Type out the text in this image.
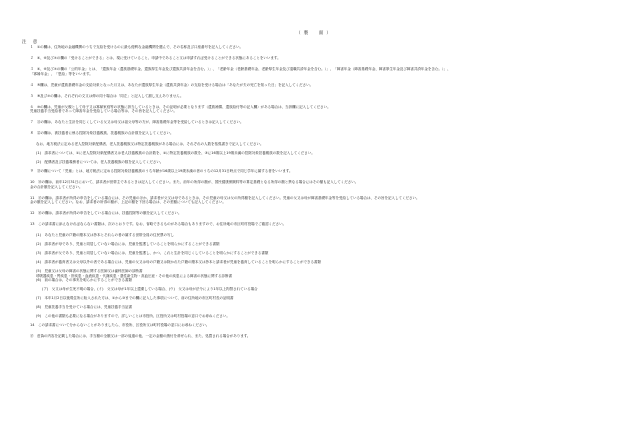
（裏　面）
注　意
１　①の欄は、住所地の金融機関のうちで支給を受けるのに最も便利な金融機関を選んで、その名称及び口座番号を記入してください。
２　④、⑥及び⑦の欄の「受けることができる」とは、現に受けていること、申請中であること又は申請すれば受けることができる状態にあることをいいます。
３　④、⑥及び⑦の欄の「公的年金」とは、「遺族年金（遺族基礎年金、遺族厚生年金及び遺族共済年金を含む。）」、「老齢年金（老齢基礎年金、老齢厚生年金及び退職共済年金を含む。）」、「障害年金（障害基礎年金、障害厚生年金及び障害共済年金を含む。）」、
「寡婦年金」、「恩給」等をいいます。
４　⑤欄は、児童が遺族基礎年金の支給対象となった月又は、あなたが遺族厚生年金（遺族共済年金）の支給を受ける場合は「あなたが夫の死亡を知った日」を記入してください。
５　⑧及び⑦の欄は、それぞれの文又は伸の同十場合は「同左」と記入して割し支えありません。
６　⑩の欄は、児童が父親として母子又は寡婦家庭等の状態に該当しているときは、その証明が必要となります（遺族補償、遺族給付等の記入欄）がある場合は、当該欄に記入してください。
児童扶養手当受給者であって障害年金を受給している場合等は、その旨を記入してください。
７　⑪の欄は、あなたと生計を同じくしている父又は母又は祖父母等の方が、障害基礎年金等を受給しているときは記入してください。
８　⑫の欄は、被扶養者に係る控除対象扶養親族、扶養親族の合計数を記入してください。
なお、地方税法に定める老人控除対象配偶者、老人扶養親族又は特定扶養親族がある場合には、それぞれの人数を括弧書きで記入してください。
(1)　請求者については、①に老人控除対象配偶者又は老人扶養親族の合計数を、②に特定扶養親族の数を、③に16歳以上19歳未満の控除対象扶養親族の数を記入してください。
(2)　配偶者及び扶養義務者については、老人扶養親族の数を記入してください。
９　⑬の欄について「児童」とは、地方税法に定める控除対象扶養親族のうち年齢が16歳以上19歳未満の者のうちの12月31日時点で同じ学年に属する者をいいます。
10　⑭の欄は、前年12月31日において、請求者が世帯主であるときは記入してください。また、前年の所得の額が、国民健康保険料等の算定基礎となる所得の額と異なる場合にはその額も記入してください。
金の合計額を記入してください。
11　⑮の欄は、請求者が所得の申告をしている場合には、その児童のほか、請求者が父又は母であるときは、その児童の母又は父の所得額を記入してください。児童の父又は母が障害基礎年金等を受給している場合は、その旨を記入してください。
金の額を記入してください。なお、請求者の所得の額が、上記の額を下回る場合は、その差額についても記入してください。
12　⑯の欄は、請求者が所得の申告をしている場合には、扶養控除等の額を記入してください。
13　この請求書に添えなければならない書類は、次のとおりです。なお、省略できるものがある場合もありますので、お住所地の市区町村役場でご確認ください。
(1)　あなたと児童の戸籍の謄本又は抄本とそれらの者の属する世帯全員の住民票の写し
(2)　請求者が母であり、児童と同居していない場合には、児童を監護していることを明らかにすることができる書類
(3)　請求者が父であり、児童と同居していない場合には、児童を監護し、かつ、これと生計を同じくしていることを明らかにすることができる書類
(4)　請求者が養育者又は父母以外の者である場合には、児童の父又は母の戸籍又は除かれた戸籍の謄本又は抄本と請求者が児童を養育していることを明らかにすることができる書類
(5)　児童又は父母の障害の状態に関する医師又は歯科医師の診断書
呼吸器疾患・腎疾患・肝疾患・血液疾患・代謝疾患・悪性新生物・高血圧症・その他の疾患による障害の状態に関する診断書
(6)　前の場合は、その事実を明らかにすることができる書類
(ア)　父又は母が生死不明の場合、(イ)　父又は母が1年以上遺棄している場合、(ウ)　父又は母が法令により1年以上拘禁されている場合
(7)　本年1月2日以後現住所に転入された方は、①から③までの欄に記入した事項について、前の住所地の市区町村長の証明書
(8)　児童扶養手当を受けている場合には、児童扶養手当証書
(9)　この他の書類も必要になる場合がありますので、詳しいことは市役所、区役所又は町村役場の窓口でお尋ねください。
14　この請求書について分からないことがありましたら、市役所、区役所又は町村役場の窓口にお尋ねください。
⑮　虚偽の内容を記載した場合には、手当額の全額又は一部の返還の他、一定の金額の納付を命ぜられ、また、処罰される場合があります。
